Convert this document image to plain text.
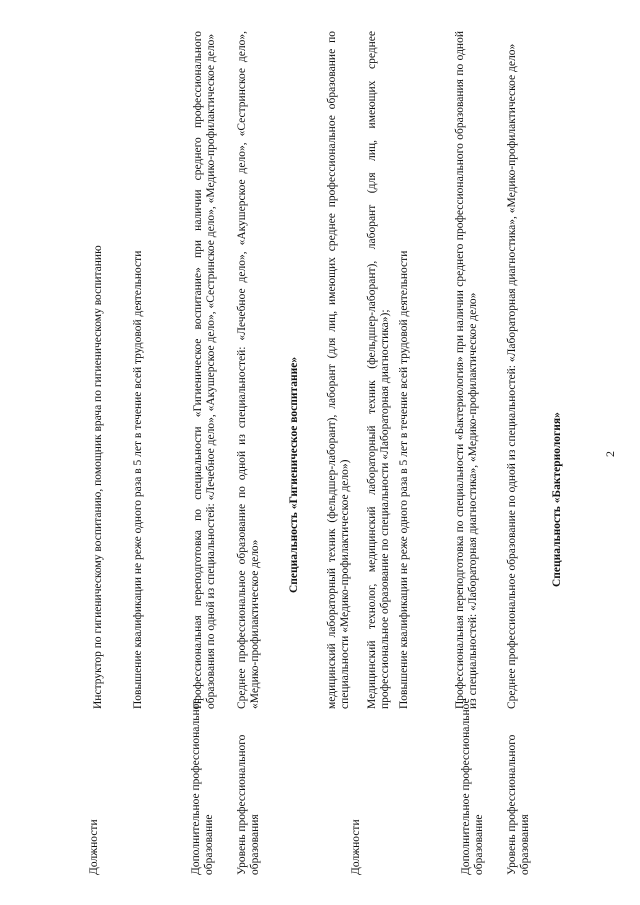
2
Специальность «Бактериология»
Уровень профессионального образования
Среднее профессиональное образование по одной из специальностей: «Лабораторная диагностика», «Медико-профилактическое дело»
Дополнительное профессиональное образование
Профессиональная переподготовка по специальности «Бактериология» при наличии среднего профессионального образования по одной из специальностей: «Лабораторная диагностика», «Медико-профилактическое дело»
Повышение квалификации не реже одного раза в 5 лет в течение всей трудовой деятельности
Должности
Медицинский технолог, медицинский лабораторный техник (фельдшер-лаборант), лаборант (для лиц, имеющих среднее профессиональное образование по специальности «Лабораторная диагностика»);
медицинский лабораторный техник (фельдшер-лаборант), лаборант (для лиц, имеющих среднее профессиональное образование по специальности «Медико-профилактическое дело»)
Специальность «Гигиеническое воспитание»
Уровень профессионального образования
Среднее профессиональное образование по одной из специальностей: «Лечебное дело», «Акушерское дело», «Сестринское дело», «Медико-профилактическое дело»
Дополнительное профессиональное образование
Профессиональная переподготовка по специальности «Гигиеническое воспитание» при наличии среднего профессионального образования по одной из специальностей: «Лечебное дело», «Акушерское дело», «Сестринское дело», «Медико-профилактическое дело»
Повышение квалификации не реже одного раза в 5 лет в течение всей трудовой деятельности
Должности
Инструктор по гигиеническому воспитанию, помощник врача по гигиеническому воспитанию
